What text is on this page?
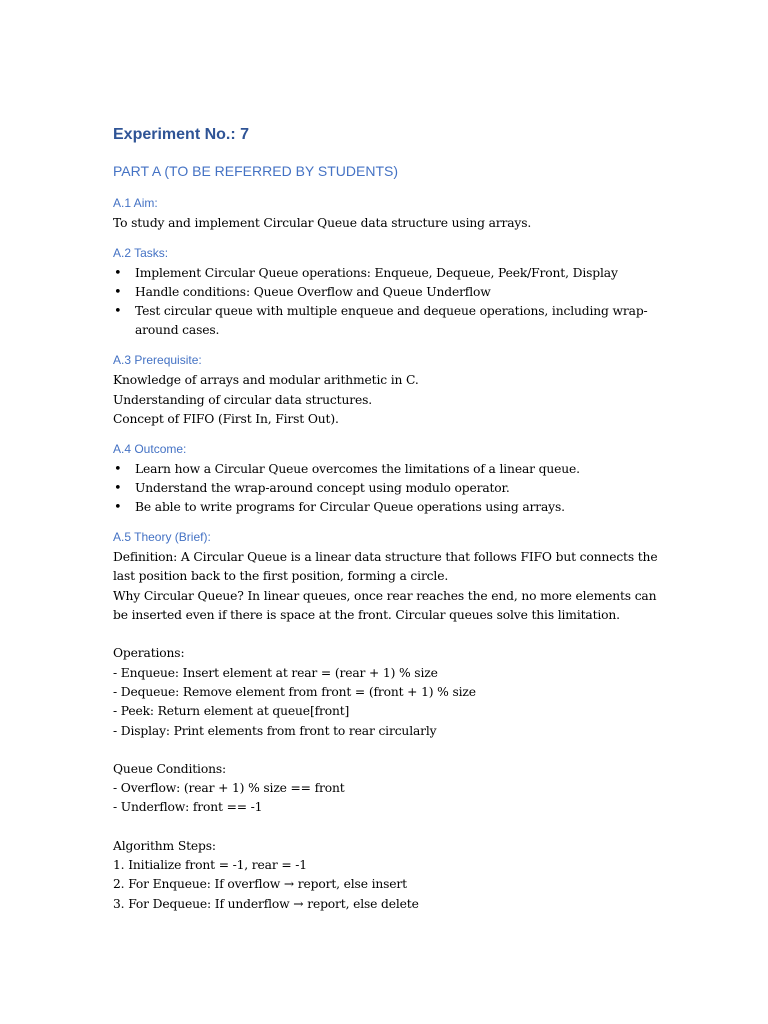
Experiment No.: 7
PART A (TO BE REFERRED BY STUDENTS)
A.1 Aim:

To study and implement Circular Queue data structure using arrays.

A.2 Tasks:
• Implement Circular Queue operations: Enqueue, Dequeue, Peek/Front, Display
• Handle conditions: Queue Overflow and Queue Underflow
• Test circular queue with multiple enqueue and dequeue operations, including wrap-around cases.
A.3 Prerequisite:

Knowledge of arrays and modular arithmetic in C.

Understanding of circular data structures.

Concept of FIFO (First In, First Out).

A.4 Outcome:
• Learn how a Circular Queue overcomes the limitations of a linear queue.
• Understand the wrap-around concept using modulo operator.
• Be able to write programs for Circular Queue operations using arrays.
A.5 Theory (Brief):

Definition: A Circular Queue is a linear data structure that follows FIFO but connects the last position back to the first position, forming a circle.

Why Circular Queue? In linear queues, once rear reaches the end, no more elements can be inserted even if there is space at the front. Circular queues solve this limitation.

Operations:

- Enqueue: Insert element at rear = (rear + 1) % size

- Dequeue: Remove element from front = (front + 1) % size

- Peek: Return element at queue[front]

- Display: Print elements from front to rear circularly

Queue Conditions:

- Overflow: (rear + 1) % size == front

- Underflow: front == -1

Algorithm Steps:

1. Initialize front = -1, rear = -1

2. For Enqueue: If overflow → report, else insert

3. For Dequeue: If underflow → report, else delete
